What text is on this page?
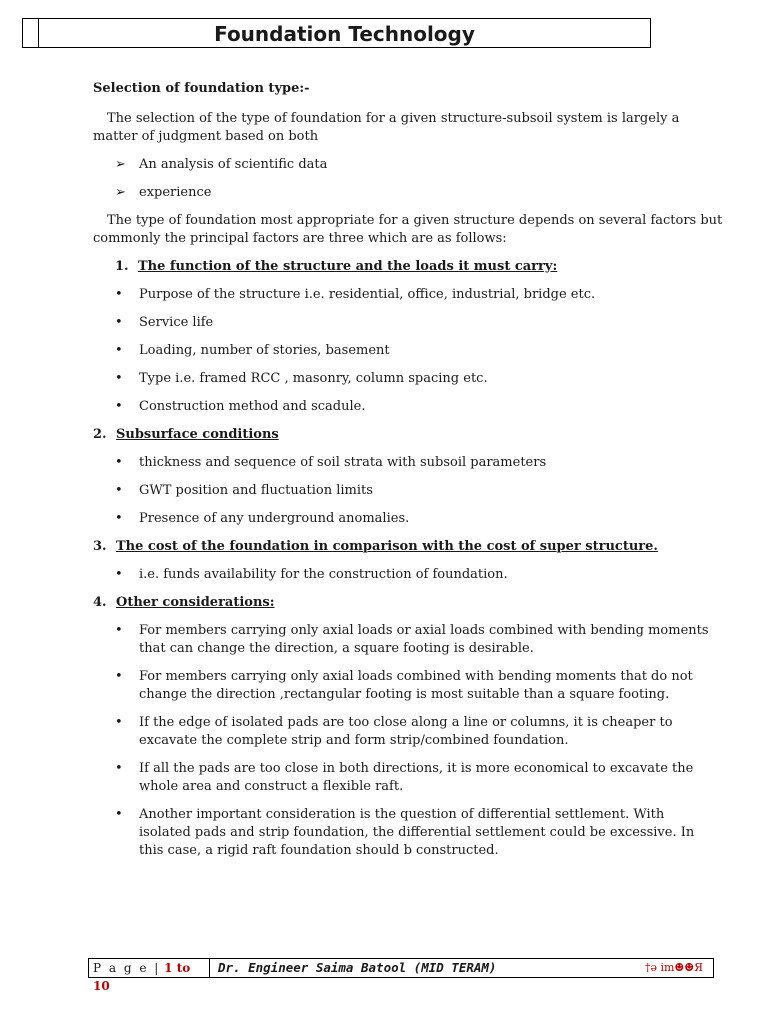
Foundation Technology
Selection of foundation type:-
The selection of the type of foundation for a given structure-subsoil system is largely a matter of judgment based on both
➢ An analysis of scientific data
➢ experience
The type of foundation most appropriate for a given structure depends on several factors but commonly the principal factors are three which are as follows:
1. The function of the structure and the loads it must carry:
• Purpose of the structure i.e. residential, office, industrial, bridge etc.
• Service life
• Loading, number of stories, basement
• Type i.e. framed RCC , masonry, column spacing etc.
• Construction method and scadule.
2. Subsurface conditions
• thickness and sequence of soil strata with subsoil parameters
• GWT position and fluctuation limits
• Presence of any underground anomalies.
3. The cost of the foundation in comparison with the cost of super structure.
• i.e. funds availability for the construction of foundation.
4. Other considerations:
• For members carrying only axial loads or axial loads combined with bending moments that can change the direction, a square footing is desirable.
• For members carrying only axial loads combined with bending moments that do not change the direction ,rectangular footing is most suitable than a square footing.
• If the edge of isolated pads are too close along a line or columns, it is cheaper to excavate the complete strip and form strip/combined foundation.
• If all the pads are too close in both directions, it is more economical to excavate the whole area and construct a flexible raft.
• Another important consideration is the question of differential settlement. With isolated pads and strip foundation, the differential settlement could be excessive. In this case, a rigid raft foundation should b constructed.
P a g e | 1 to 10
Dr. Engineer Saima Batool (MID TERAM)	†ә im☻☻Я
